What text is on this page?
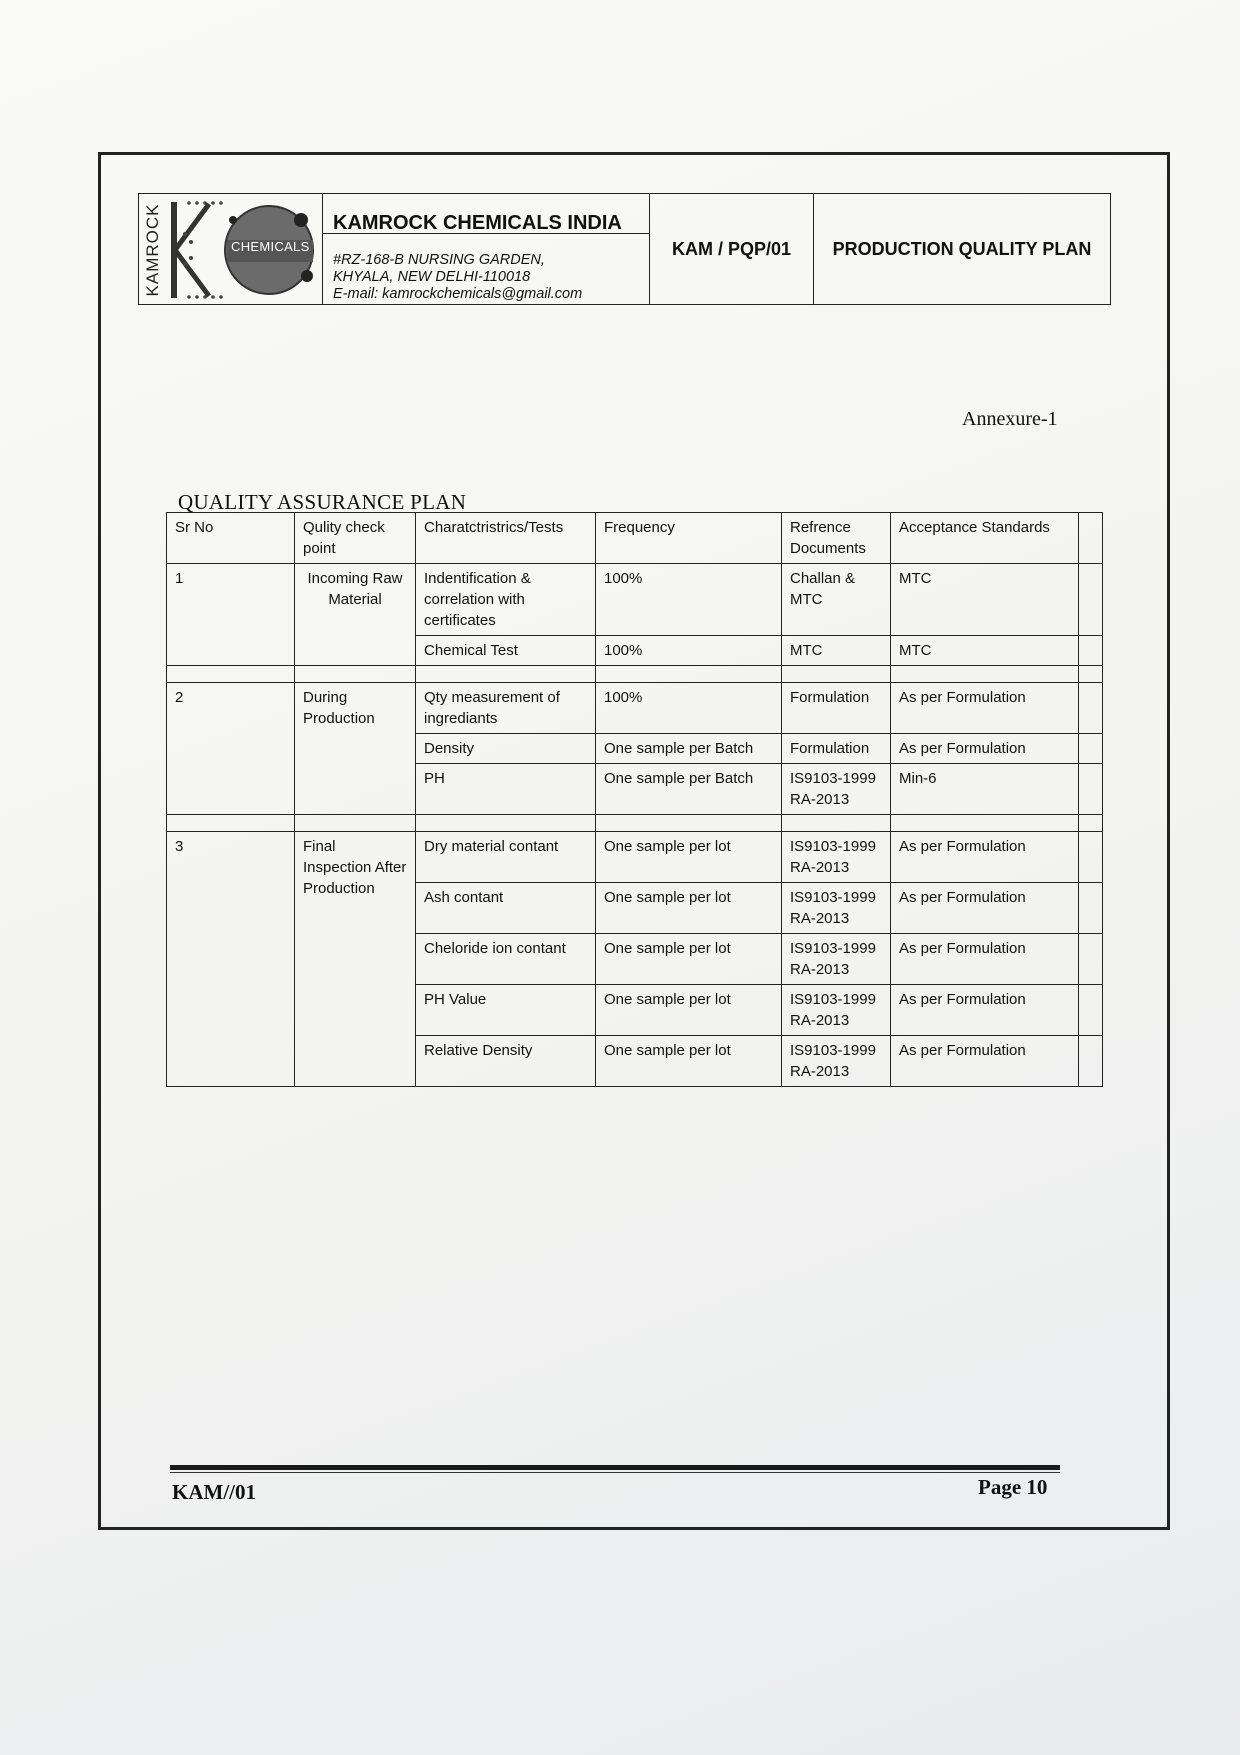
KAMROCK	CHEMICALS
KAMROCK CHEMICALS INDIA
#RZ-168-B NURSING GARDEN,
KHYALA, NEW DELHI-110018
E-mail: kamrockchemicals@gmail.com
KAM / PQP/01	PRODUCTION QUALITY PLAN
Annexure-1
QUALITY ASSURANCE PLAN
Sr No	Qulity check point	Charatctristrics/Tests	Frequency	Refrence Documents	Acceptance Standards	
1	Incoming Raw Material	Indentification & correlation with certificates	100%	Challan & MTC	MTC	
		Chemical Test	100%	MTC	MTC	

2	During Production	Qty measurement of ingrediants	100%	Formulation	As per Formulation	
		Density	One sample per Batch	Formulation	As per Formulation	
		PH	One sample per Batch	IS9103-1999 RA-2013	Min-6	

3	Final Inspection After Production	Dry material contant	One sample per lot	IS9103-1999 RA-2013	As per Formulation	
		Ash contant	One sample per lot	IS9103-1999 RA-2013	As per Formulation	
		Cheloride ion contant	One sample per lot	IS9103-1999 RA-2013	As per Formulation	
		PH Value	One sample per lot	IS9103-1999 RA-2013	As per Formulation	
		Relative Density	One sample per lot	IS9103-1999 RA-2013	As per Formulation	
KAM//01	Page 10
